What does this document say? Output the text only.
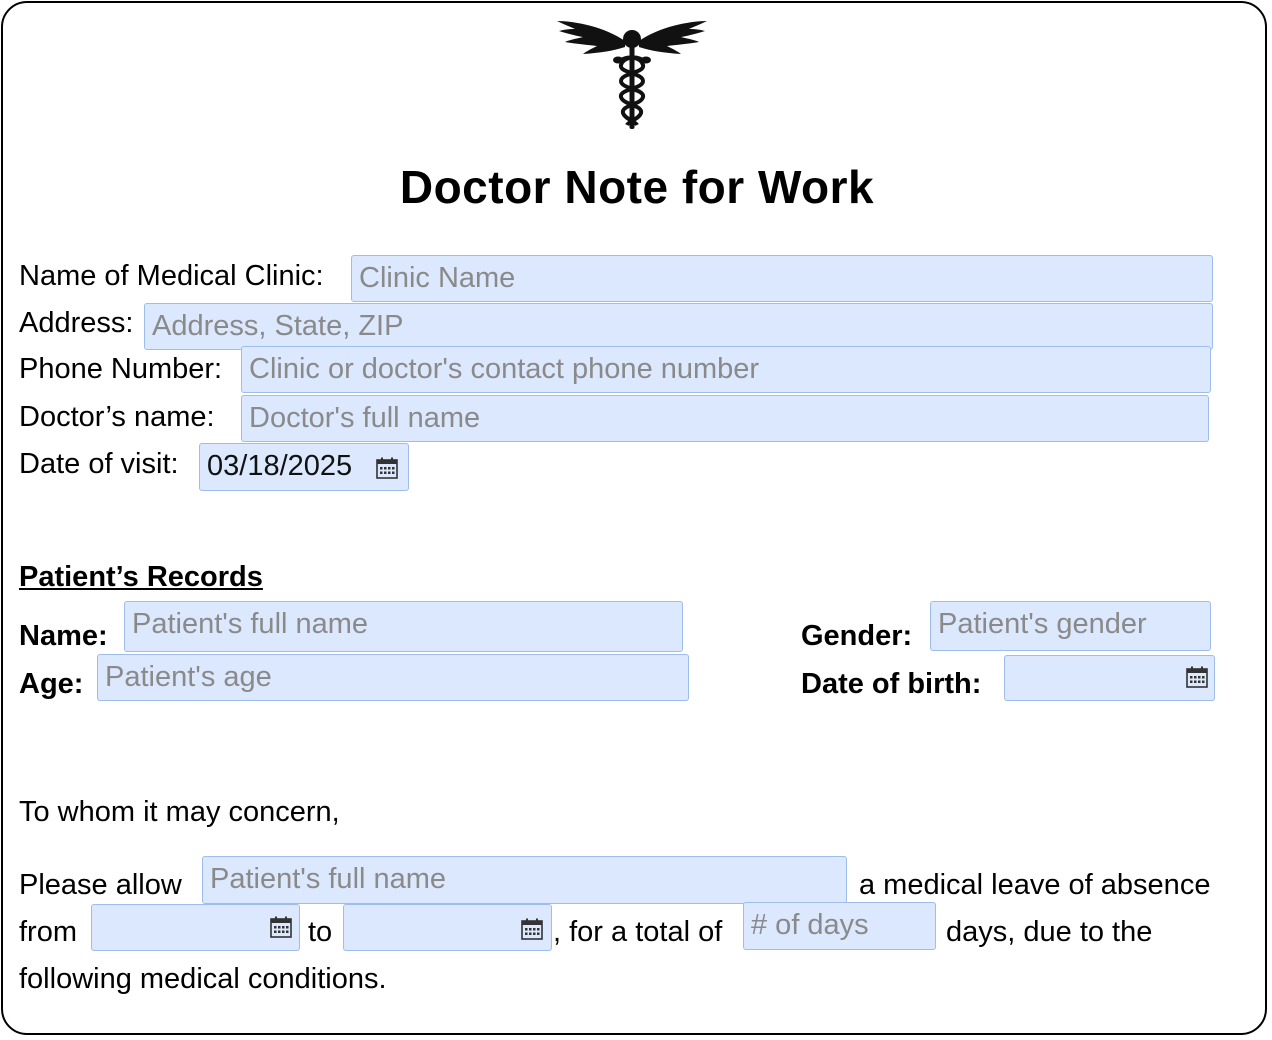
Doctor Note for Work
Name of Medical Clinic: Clinic Name
Address: Address, State, ZIP
Phone Number: Clinic or doctor's contact phone number
Doctor’s name: Doctor's full name
Date of visit: 03/18/2025
Patient’s Records
Name: Patient's full name
Age: Patient's age
Gender: Patient's gender
Date of birth:
To whom it may concern,
Please allow Patient's full name	a medical leave of absence
from	to	, for a total of # of days	days, due to the
following medical conditions.
